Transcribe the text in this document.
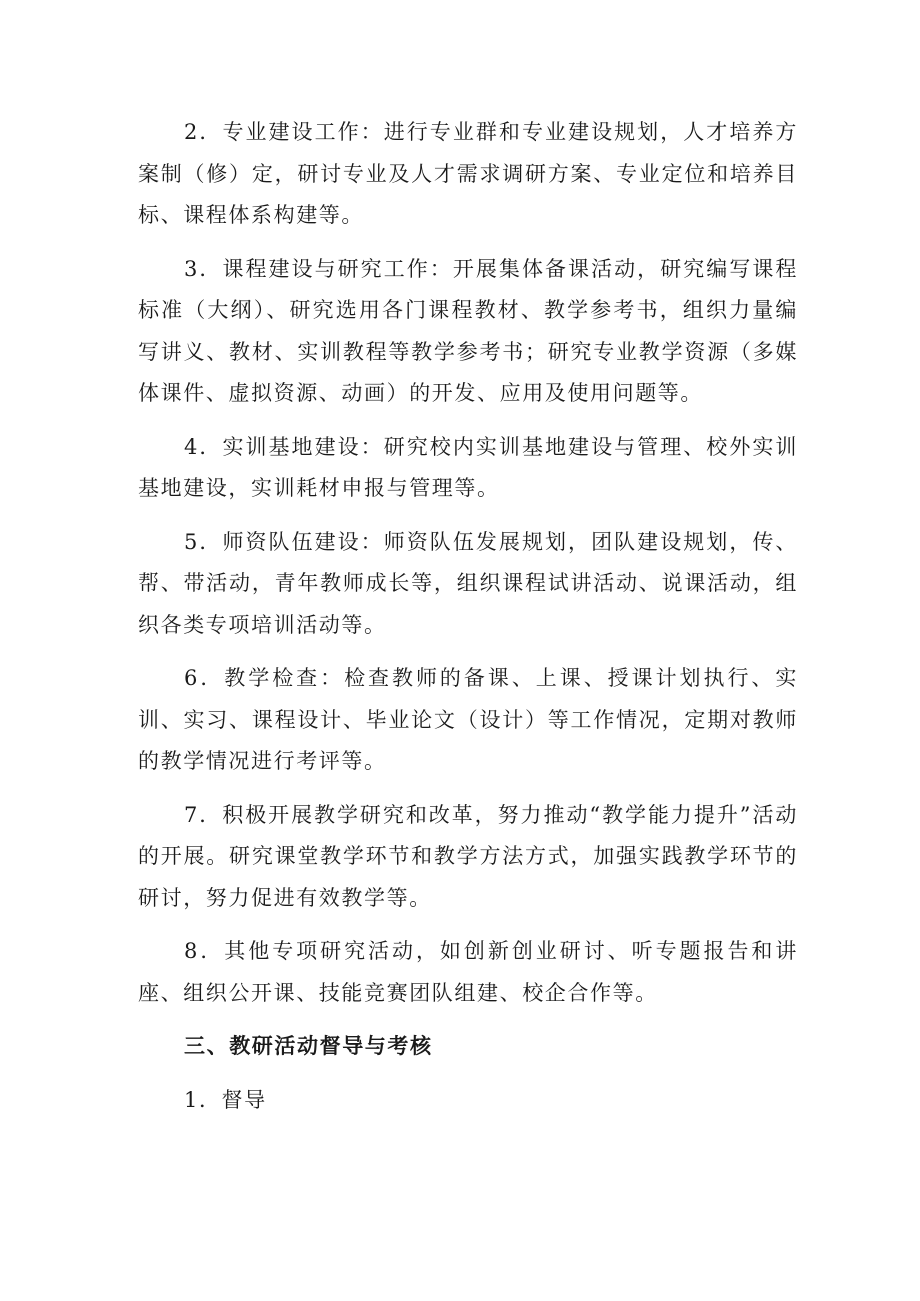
2．专业建设工作：进行专业群和专业建设规划，人才培养方案制（修）定，研讨专业及人才需求调研方案、专业定位和培养目标、课程体系构建等。

3．课程建设与研究工作：开展集体备课活动，研究编写课程标准（大纲）、研究选用各门课程教材、教学参考书，组织力量编写讲义、教材、实训教程等教学参考书；研究专业教学资源（多媒体课件、虚拟资源、动画）的开发、应用及使用问题等。

4．实训基地建设：研究校内实训基地建设与管理、校外实训基地建设，实训耗材申报与管理等。

5．师资队伍建设：师资队伍发展规划，团队建设规划，传、帮、带活动，青年教师成长等，组织课程试讲活动、说课活动，组织各类专项培训活动等。

6．教学检查：检查教师的备课、上课、授课计划执行、实训、实习、课程设计、毕业论文（设计）等工作情况，定期对教师的教学情况进行考评等。

7．积极开展教学研究和改革，努力推动“教学能力提升”活动的开展。研究课堂教学环节和教学方法方式，加强实践教学环节的研讨，努力促进有效教学等。

8．其他专项研究活动，如创新创业研讨、听专题报告和讲座、组织公开课、技能竞赛团队组建、校企合作等。

三、教研活动督导与考核

1．督导
